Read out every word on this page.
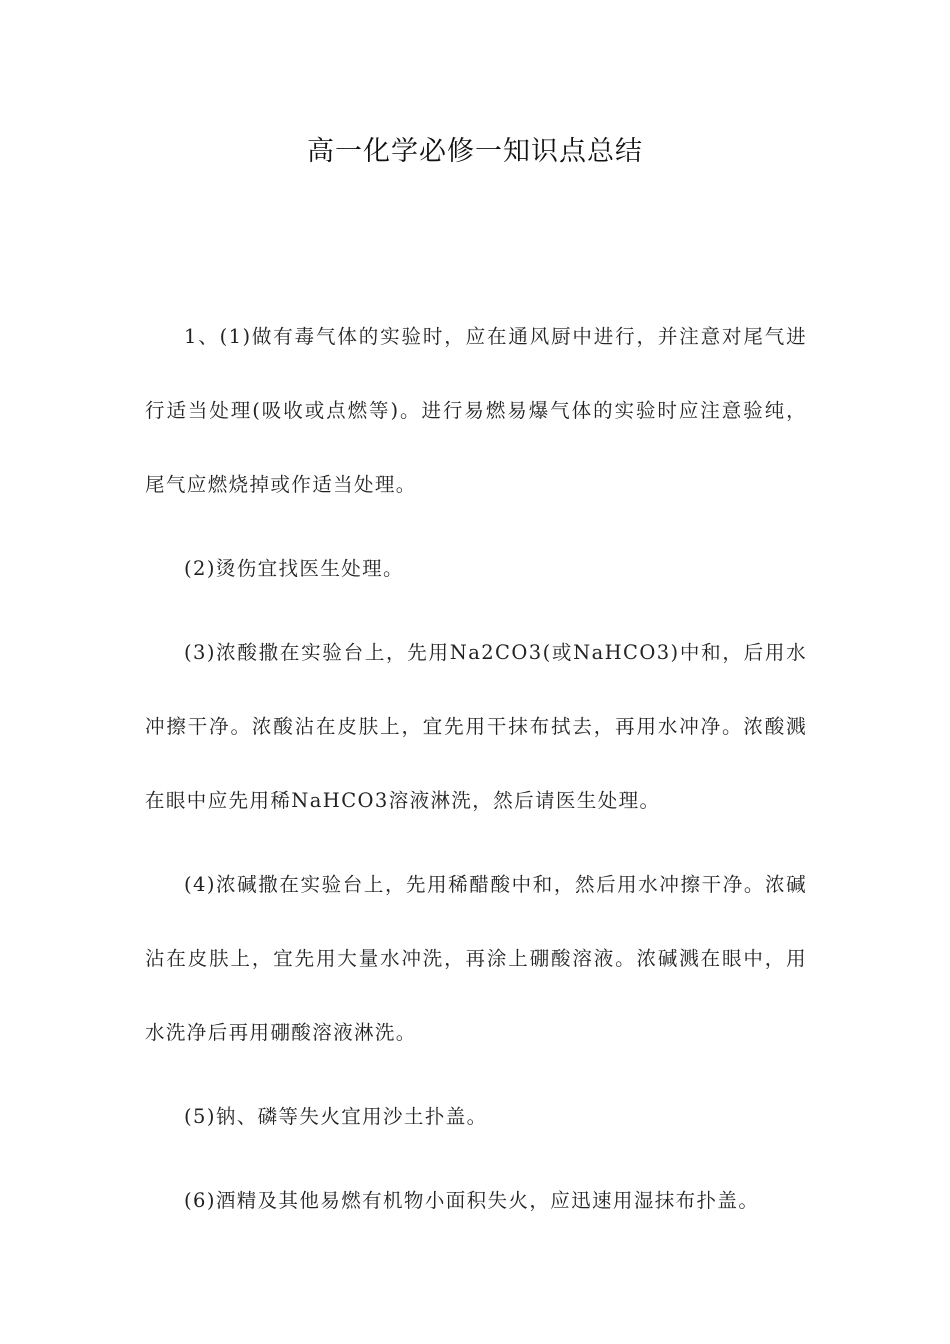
高一化学必修一知识点总结

1、(1)做有毒气体的实验时，应在通风厨中进行，并注意对尾气进行适当处理(吸收或点燃等)。进行易燃易爆气体的实验时应注意验纯，尾气应燃烧掉或作适当处理。

(2)烫伤宜找医生处理。

(3)浓酸撒在实验台上，先用Na2CO3(或NaHCO3)中和，后用水冲擦干净。浓酸沾在皮肤上，宜先用干抹布拭去，再用水冲净。浓酸溅在眼中应先用稀NaHCO3溶液淋洗，然后请医生处理。

(4)浓碱撒在实验台上，先用稀醋酸中和，然后用水冲擦干净。浓碱沾在皮肤上，宜先用大量水冲洗，再涂上硼酸溶液。浓碱溅在眼中，用水洗净后再用硼酸溶液淋洗。

(5)钠、磷等失火宜用沙土扑盖。

(6)酒精及其他易燃有机物小面积失火，应迅速用湿抹布扑盖。
